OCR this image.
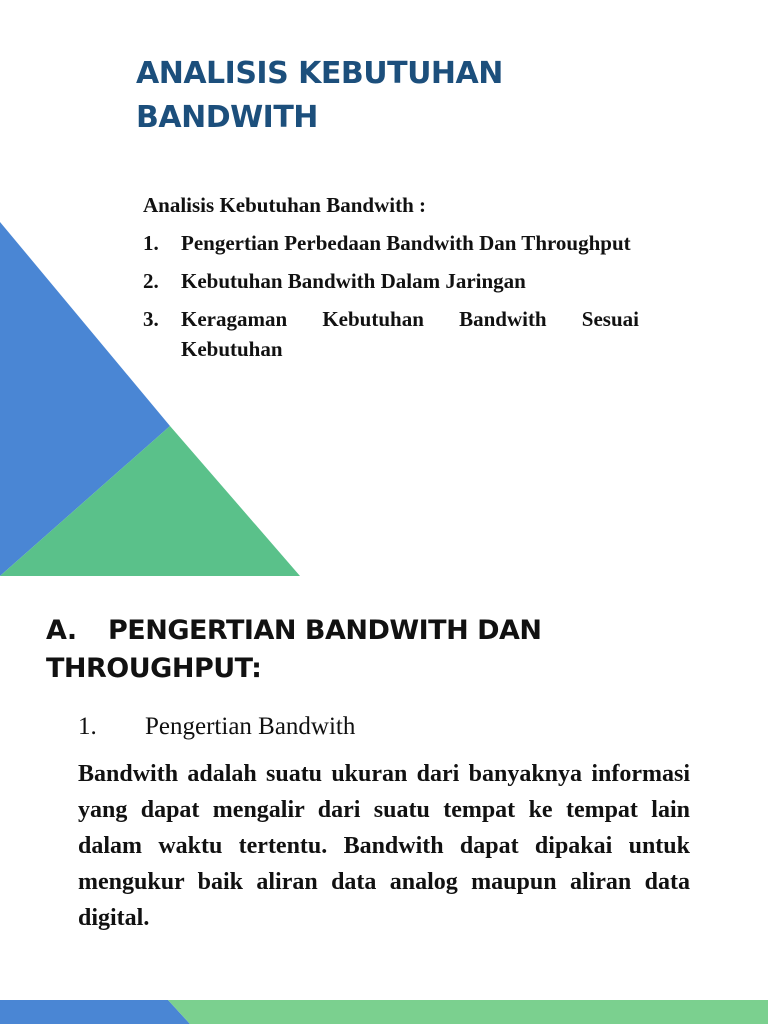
ANALISIS KEBUTUHAN
BANDWITH
Analisis Kebutuhan Bandwith :
1.	Pengertian Perbedaan Bandwith Dan Throughput
2.	Kebutuhan Bandwith Dalam Jaringan
3.	Keragaman Kebutuhan Bandwith Sesuai Kebutuhan
A. PENGERTIAN BANDWITH DAN
THROUGHPUT:
1.	Pengertian Bandwith
Bandwith adalah suatu ukuran dari banyaknya informasi yang dapat mengalir dari suatu tempat ke tempat lain dalam waktu tertentu. Bandwith dapat dipakai untuk mengukur baik aliran data analog maupun aliran data digital.
